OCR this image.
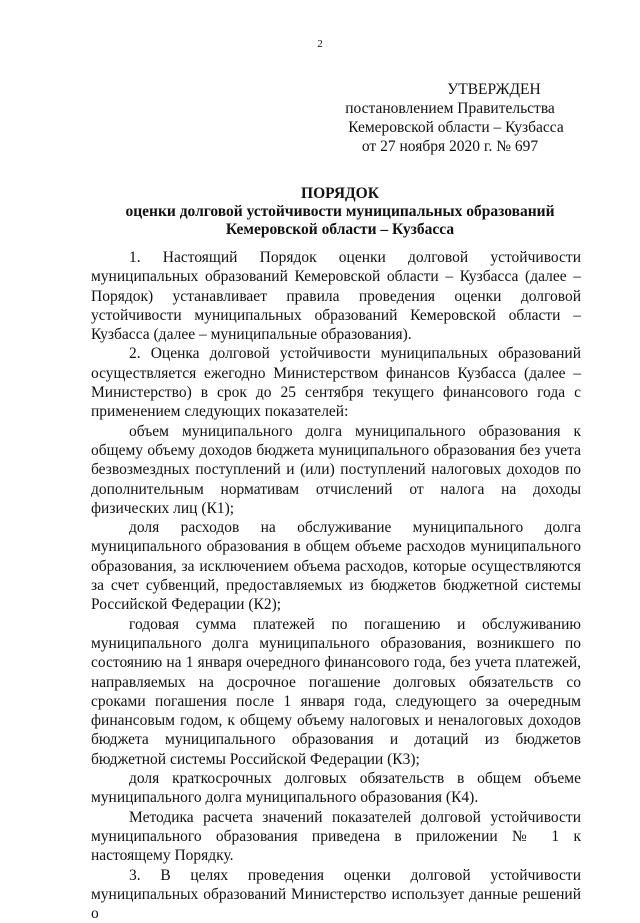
2
УТВЕРЖДЕН
постановлением Правительства
Кемеровской области – Кузбасса
от 27 ноября 2020 г. № 697
ПОРЯДОК
оценки долговой устойчивости муниципальных образований
Кемеровской области – Кузбасса

1. Настоящий Порядок оценки долговой устойчивости муниципальных образований Кемеровской области – Кузбасса (далее – Порядок) устанавливает правила проведения оценки долговой устойчивости муниципальных образований Кемеровской области – Кузбасса (далее – муниципальные образования).

2. Оценка долговой устойчивости муниципальных образований осуществляется ежегодно Министерством финансов Кузбасса (далее – Министерство) в срок до 25 сентября текущего финансового года с применением следующих показателей:

объем муниципального долга муниципального образования к общему объему доходов бюджета муниципального образования без учета безвозмездных поступлений и (или) поступлений налоговых доходов по дополнительным нормативам отчислений от налога на доходы физических лиц (К1);

доля расходов на обслуживание муниципального долга муниципального образования в общем объеме расходов муниципального образования, за исключением объема расходов, которые осуществляются за счет субвенций, предоставляемых из бюджетов бюджетной системы Российской Федерации (К2);

годовая сумма платежей по погашению и обслуживанию муниципального долга муниципального образования, возникшего по состоянию на 1 января очередного финансового года, без учета платежей, направляемых на досрочное погашение долговых обязательств со сроками погашения после 1 января года, следующего за очередным финансовым годом, к общему объему налоговых и неналоговых доходов бюджета муниципального образования и дотаций из бюджетов бюджетной системы Российской Федерации (К3);

доля краткосрочных долговых обязательств в общем объеме муниципального долга муниципального образования (К4).

Методика расчета значений показателей долговой устойчивости муниципального образования приведена в приложении № 1 к настоящему Порядку.

3. В целях проведения оценки долговой устойчивости муниципальных образований Министерство использует данные решений о
